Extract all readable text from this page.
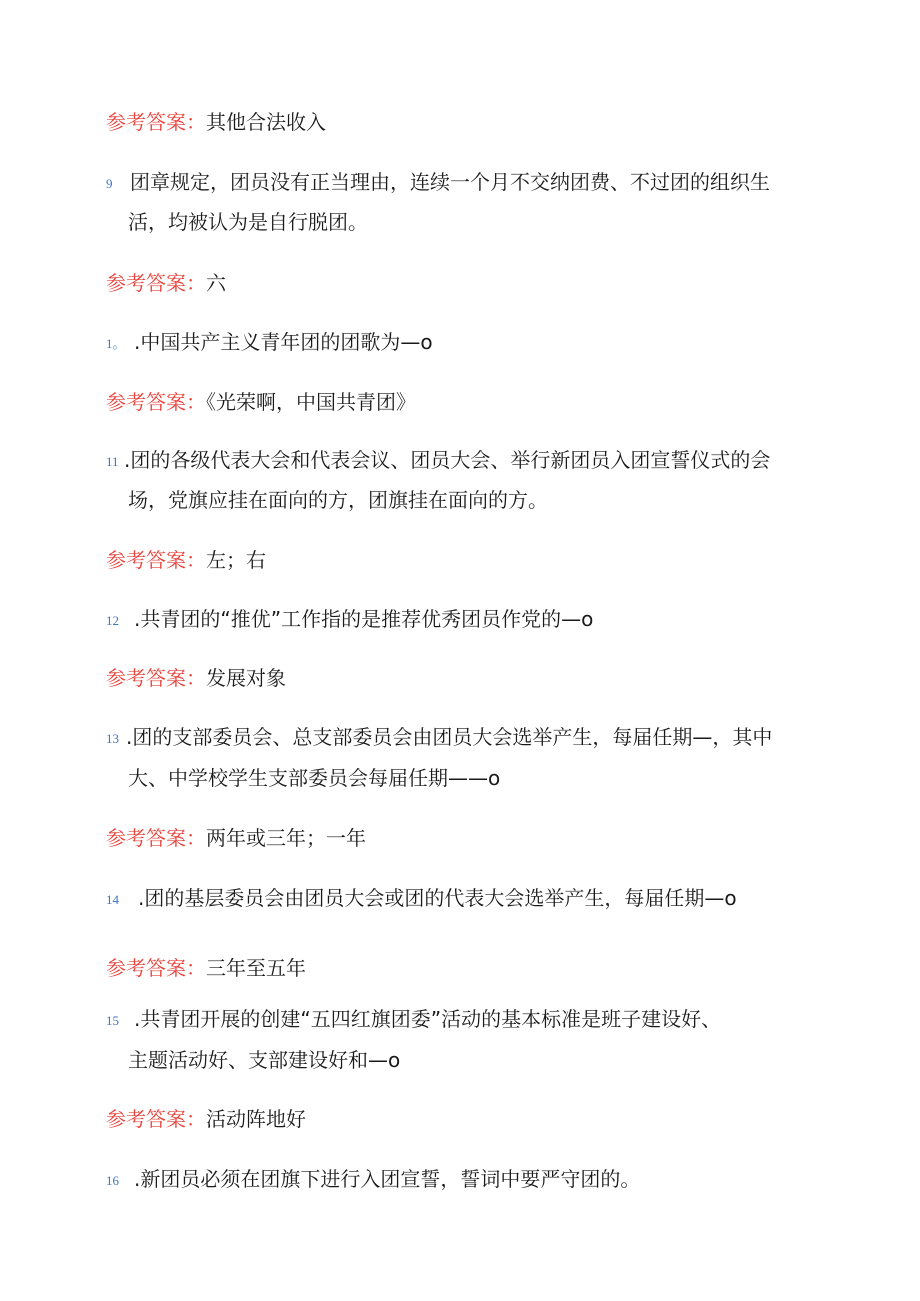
参考答案：其他合法收入
9 团章规定，团员没有正当理由，连续一个月不交纳团费、不过团的组织生
活，均被认为是自行脱团。
参考答案：六
1。 .中国共产主义青年团的团歌为—o
参考答案：《光荣啊，中国共青团》
11 .团的各级代表大会和代表会议、团员大会、举行新团员入团宣誓仪式的会
场，党旗应挂在面向的方，团旗挂在面向的方。
参考答案：左；右
12 .共青团的“推优”工作指的是推荐优秀团员作党的—o
参考答案：发展对象
13 .团的支部委员会、总支部委员会由团员大会选举产生，每届任期—，其中
大、中学校学生支部委员会每届任期——o
参考答案：两年或三年；一年
14 .团的基层委员会由团员大会或团的代表大会选举产生，每届任期—o
参考答案：三年至五年
15 .共青团开展的创建“五四红旗团委”活动的基本标准是班子建设好、
主题活动好、支部建设好和—o
参考答案：活动阵地好
16 .新团员必须在团旗下进行入团宣誓，誓词中要严守团的。
